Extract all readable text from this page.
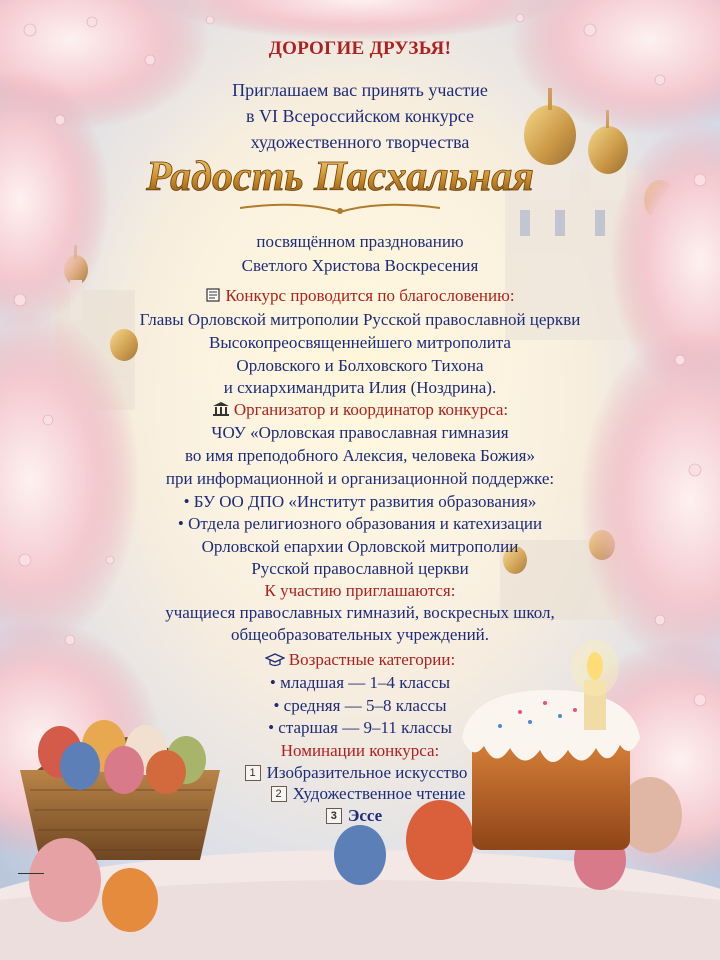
ДОРОГИЕ ДРУЗЬЯ!
Приглашаем вас принять участие
в VI Всероссийском конкурсе
художественного творчества
Радость Пасхальная
посвящённом празднованию
Светлого Христова Воскресения
Конкурс проводится по благословению:
Главы Орловской митрополии Русской православной церкви
Высокопреосвященнейшего митрополита
Орловского и Болховского Тихона
и схиархимандрита Илия (Ноздрина).
Организатор и координатор конкурса:
ЧОУ «Орловская православная гимназия
во имя преподобного Алексия, человека Божия»
при информационной и организационной поддержке:
• БУ ОО ДПО «Институт развития образования»
• Отдела религиозного образования и катехизации
Орловской епархии Орловской митрополии
Русской православной церкви
К участию приглашаются:
учащиеся православных гимназий, воскресных школ,
общеобразовательных учреждений.
Возрастные категории:
• младшая — 1–4 классы
• средняя — 5–8 классы
• старшая — 9–11 классы
Номинации конкурса:
1 Изобразительное искусство
2 Художественное чтение
3 Эссе
